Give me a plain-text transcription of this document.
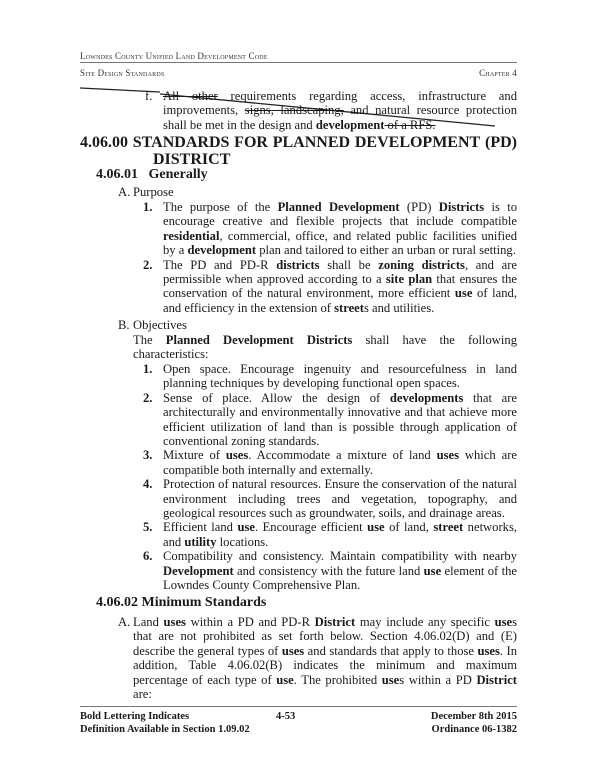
Lowndes County Unified Land Development Code
Site Design Standards	Chapter 4
f. All other requirements regarding access, infrastructure and improvements, signs, landscaping, and natural resource protection shall be met in the design and development of a RFS.
4.06.00 STANDARDS FOR PLANNED DEVELOPMENT (PD)
DISTRICT
4.06.01 Generally
A. Purpose
1. The purpose of the Planned Development (PD) Districts is to encourage creative and flexible projects that include compatible residential, commercial, office, and related public facilities unified by a development plan and tailored to either an urban or rural setting.
2. The PD and PD-R districts shall be zoning districts, and are permissible when approved according to a site plan that ensures the conservation of the natural environment, more efficient use of land, and efficiency in the extension of streets and utilities.
B. Objectives
The Planned Development Districts shall have the following characteristics:
1. Open space. Encourage ingenuity and resourcefulness in land planning techniques by developing functional open spaces.
2. Sense of place. Allow the design of developments that are architecturally and environmentally innovative and that achieve more efficient utilization of land than is possible through application of conventional zoning standards.
3. Mixture of uses. Accommodate a mixture of land uses which are compatible both internally and externally.
4. Protection of natural resources. Ensure the conservation of the natural environment including trees and vegetation, topography, and geological resources such as groundwater, soils, and drainage areas.
5. Efficient land use. Encourage efficient use of land, street networks, and utility locations.
6. Compatibility and consistency. Maintain compatibility with nearby Development and consistency with the future land use element of the Lowndes County Comprehensive Plan.
4.06.02 Minimum Standards
A. Land uses within a PD and PD-R District may include any specific uses that are not prohibited as set forth below. Section 4.06.02(D) and (E) describe the general types of uses and standards that apply to those uses. In addition, Table 4.06.02(B) indicates the minimum and maximum percentage of each type of use. The prohibited uses within a PD District are:
Bold Lettering Indicates
Definition Available in Section 1.09.02
4-53	December 8th 2015
Ordinance 06-1382
